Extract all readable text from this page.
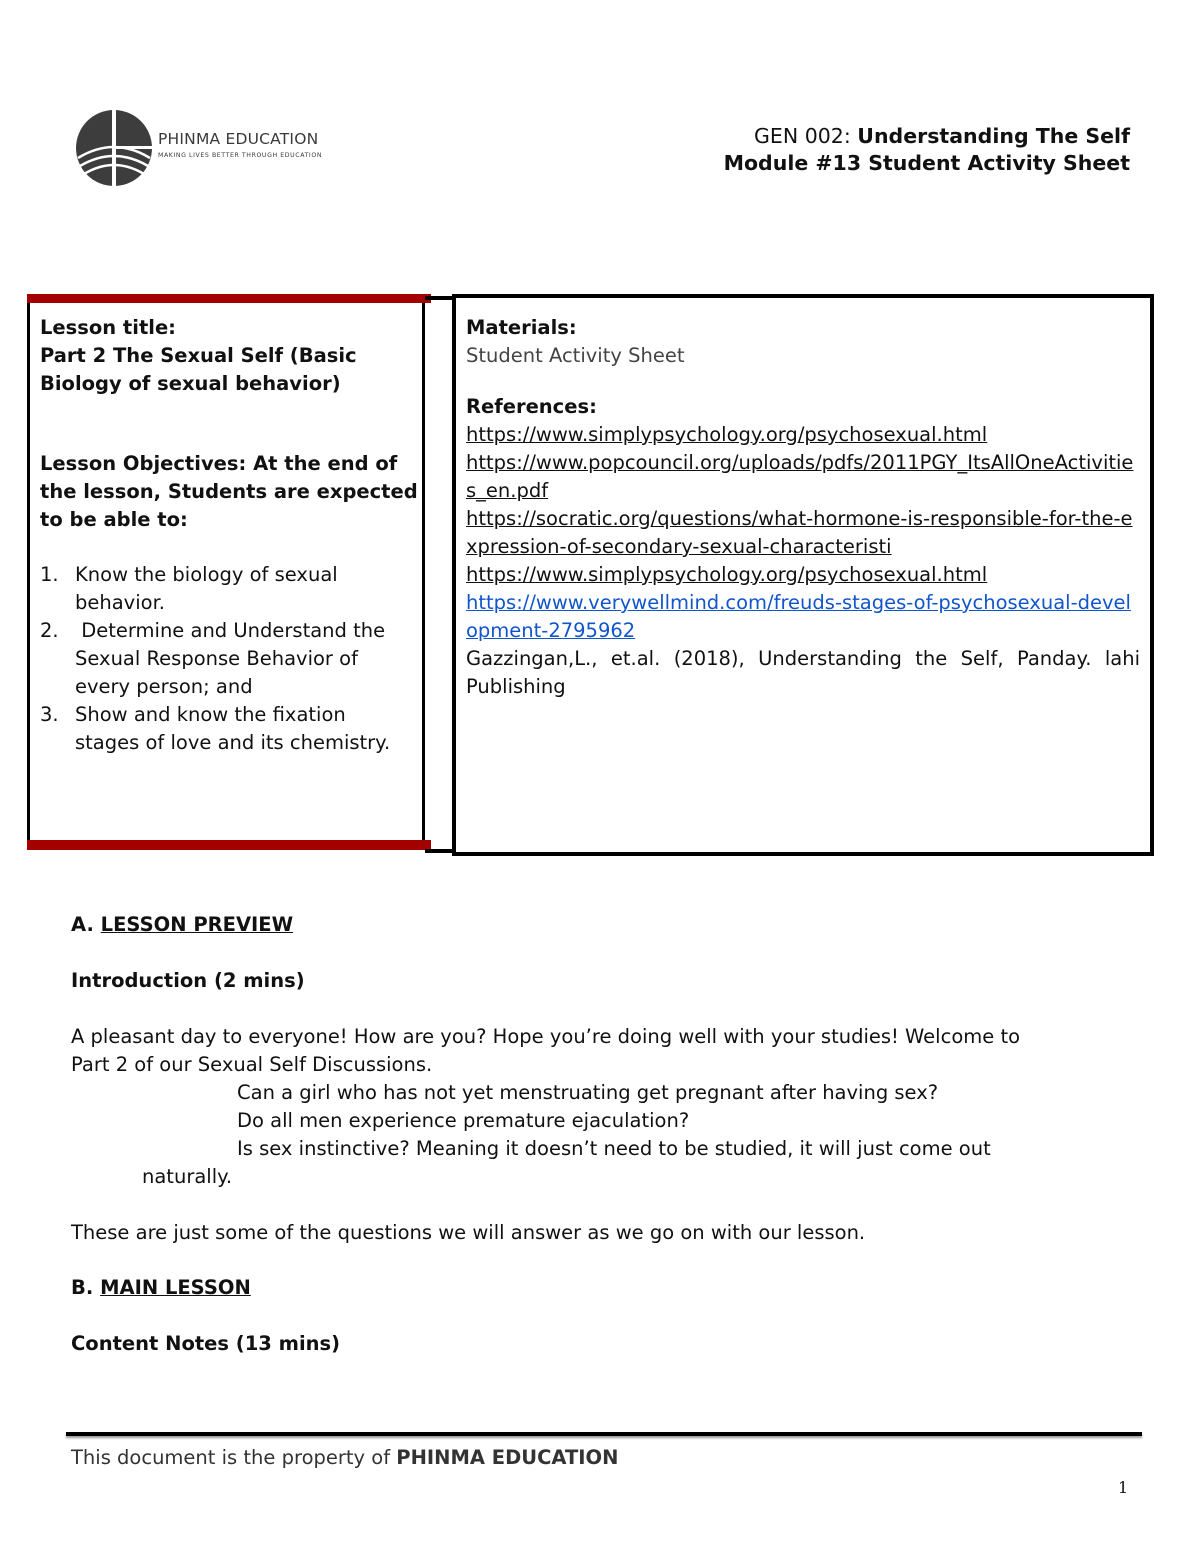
PHINMA EDUCATION
MAKING LIVES BETTER THROUGH EDUCATION
GEN 002: Understanding The Self
Module #13 Student Activity Sheet
Lesson title:
Part 2 The Sexual Self (Basic Biology of sexual behavior)
Lesson Objectives: At the end of the lesson, Students are expected to be able to:
1. Know the biology of sexual behavior.
2. Determine and Understand the Sexual Response Behavior of  every person; and
3. Show and know the fixation stages of love and its chemistry.
Materials:
Student Activity Sheet
References:
https://www.simplypsychology.org/psychosexual.html
https://www.popcouncil.org/uploads/pdfs/2011PGY_ItsAllOneActivities_en.pdf
https://socratic.org/questions/what-hormone-is-responsible-for-the-expression-of-secondary-sexual-characteristi
https://www.simplypsychology.org/psychosexual.html
https://www.verywellmind.com/freuds-stages-of-psychosexual-development-2795962
Gazzingan,L., et.al. (2018), Understanding the Self, Panday. lahi Publishing
A. LESSON PREVIEW
Introduction (2 mins)
A pleasant day to everyone! How are you? Hope you’re doing well with your studies! Welcome to
Part 2 of our Sexual Self Discussions.
Can a girl who has not yet menstruating get pregnant after having sex?
Do all men experience premature ejaculation?
Is sex instinctive? Meaning it doesn’t need to be studied, it will just come out
naturally.
These are just some of the questions we will answer as we go on with our lesson.
B. MAIN LESSON
Content Notes (13 mins)
This document is the property of PHINMA EDUCATION
1
